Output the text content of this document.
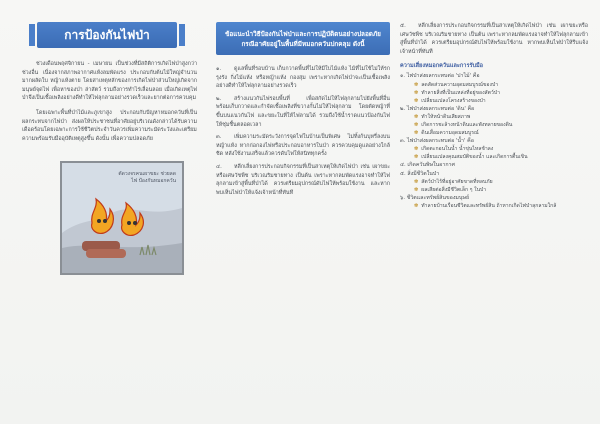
การป้องกันไฟป่า

ช่วงเดือนพฤศจิกายน - เมษายน เป็นช่วงที่มีสถิติการเกิดไฟป่าสูงกว่าช่วงอื่น เนื่องจากสภาพอากาศแห้งลมพัดแรง ประกอบกับต้นไม้ใหญ่จำนวนมากผลัดใบ หญ้าแห้งตาย โดยสาเหตุหลักของการเกิดไฟป่าส่วนใหญ่เกิดจากมนุษย์จุดไฟ เพื่อหาของป่า ล่าสัตว์ รวมถึงการทำไร่เลื่อนลอย เมื่อเกิดเหตุไฟป่าจึงเป็นเชื้อเพลิงอย่างดีทำให้ไฟลุกลามอย่างรวดเร็วและยากต่อการควบคุม

โดยเฉพาะพื้นที่ป่าไม้และภูเขาสูง ประกอบกับปัญหาหมอกควันที่เป็นผลกระทบจากไฟป่า ส่งผลให้ประชาชนที่อาศัยอยู่บริเวณดังกล่าวได้รับความเดือดร้อนโดยเฉพาะการใช้ชีวิตประจำวันควรเพิ่มความระมัดระวังและเตรียมความพร้อมรับมืออุบัติเหตุสูงขึ้น ดังนั้น เพื่อความปลอดภัย

ตัดวงจรคนเผาขยะ ช่วยลดไฟ ป้องกันหมอกควัน
ข้อแนะนำวิธีป้องกันไฟป่าและการปฏิบัติตนอย่างปลอดภัย กรณีอาศัยอยู่ในพื้นที่มีหมอกควันปกคลุม ดังนี้

๑. ดูแลพื้นที่รอบบ้าน เก็บกวาดพื้นที่ไม่ให้มีใบไม้แห้ง ไม้ที่ไม่ใช้ไม่ให้รกรุงรัง กิ่งไม้แห้ง หรือหญ้าแห้ง กองสุม เพราะหากเกิดไฟป่าจะเป็นเชื้อเพลิงอย่างดีทำให้ไฟลุกลามอย่างรวดเร็ว

๒. สร้างแนวกันไฟรอบพื้นที่ เพื่อสกัดไม่ให้ไฟลุกลามไปยังพื้นที่อื่น พร้อมเก็บกวาดและกำจัดเชื้อเพลิงที่ขวางกั้นไม่ให้ไฟลุกลาม โดยตัดหญ้าที่ขึ้นบนแนวกันไฟ และขยะในที่ให้ไฟลามได้ รวมถึงใช้น้ำราดแนวป้องกันไฟให้ชุ่มชื้นตลอดเวลา

๓. เพิ่มความระมัดระวังการจุดไฟในบ้านเป็นพิเศษ ไม่ทิ้งก้นบุหรี่ลงบนหญ้าแห้ง หากก่อกองไฟหรือประกอบอาหารในป่า ควรควบคุมดูแลอย่างใกล้ชิด หลังใช้งานเสร็จแล้วควรดับไฟให้สนิททุกครั้ง

๔. หลีกเลี่ยงการประกอบกิจกรรมที่เป็นสาเหตุให้เกิดไฟป่า เช่น เผาขยะหรือเศษวัชพืช บริเวณริมชายทาง เป็นต้น เพราะหากลมพัดแรงอาจทำให้ไฟลุกลามเข้าสู่พื้นที่ป่าได้ ควรเตรียมอุปกรณ์ดับไฟให้พร้อมใช้งาน และหากพบเห็นไฟป่าให้แจ้งเจ้าหน้าที่ทันที

๕. หลีกเลี่ยงการประกอบกิจกรรมที่เป็นสาเหตุให้เกิดไฟป่า เช่น เผาขยะหรือเศษวัชพืช บริเวณริมชายทาง เป็นต้น เพราะหากลมพัดแรงอาจทำให้ไฟลุกลามเข้าสู่พื้นที่ป่าได้ ควรเตรียมอุปกรณ์ดับไฟให้พร้อมใช้งาน หากพบเห็นไฟป่าให้รีบแจ้งเจ้าหน้าที่ทันที

ความเสี่ยงหมอกควันและการรับมือ

๑. ไฟป่าส่งผลกระทบต่อ 'ปาไม้' คือ

✽ ลดสัดส่วนความอุดมสมบูรณ์ของป่า

✽ ทำลายสิ่งที่เป็นแหล่งที่อยู่ของสัตว์ป่า

✽ เปลี่ยนแปลงโครงสร้างของป่า

๒. ไฟป่าส่งผลกระทบต่อ 'ดิน' คือ

✽ ทำให้หน้าดินเสียสภาพ

✽ เกิดการชะล้างหน้าดินและพังทลายของดิน

✽ ดินเสื่อมความอุดมสมบูรณ์

๓. ไฟป่าส่งผลกระทบต่อ 'น้ำ' คือ

✽ เกิดตะกอนในน้ำ น้ำขุ่นไหลช้าลง

✽ เปลี่ยนแปลงคุณสมบัติของน้ำ และเกิดการตื้นเขิน

๔. เกิดควันพิษในอากาศ

๕. สิ่งมีชีวิตในป่า

✽ สัตว์ป่าไร้ที่อยู่อาศัยขาดที่หลบภัย

✽ ผลเสียต่อสิ่งมีชีวิตเล็ก ๆ ในป่า

๖. ชีวิตและทรัพย์สินของมนุษย์

✽ ทำลายบ้านเรือนชีวิตและทรัพย์สิน ถ้าหากเกิดไฟป่าลุกลามใกล้
